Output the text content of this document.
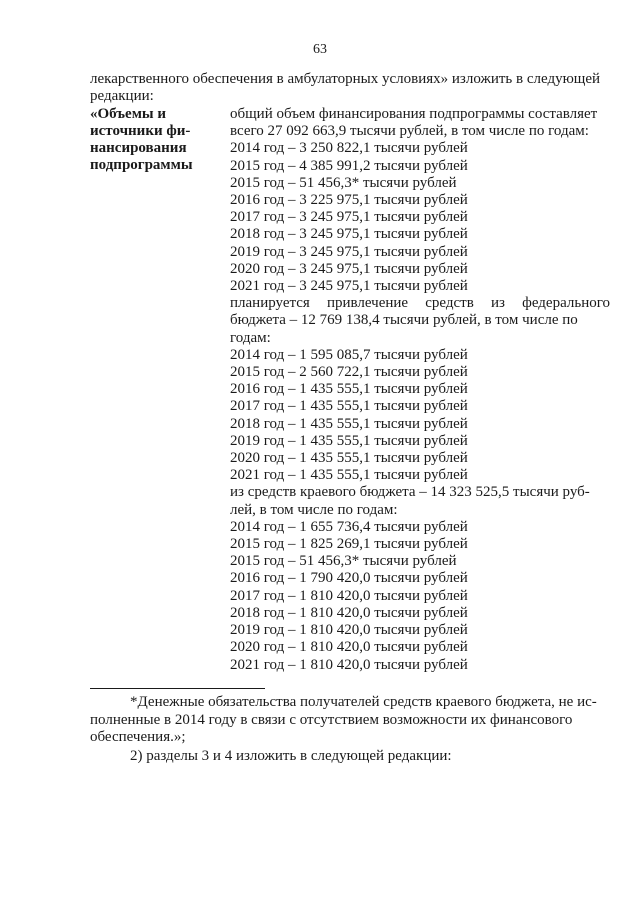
63
лекарственного обеспечения в амбулаторных условиях» изложить в следующей
редакции:
«Объемы и
источники фи-
нансирования
подпрограммы
общий объем финансирования подпрограммы составляет
всего 27 092 663,9 тысячи рублей, в том числе по годам:
2014 год – 3 250 822,1 тысячи рублей
2015 год – 4 385 991,2 тысячи рублей
2015 год – 51 456,3* тысячи рублей
2016 год – 3 225 975,1 тысячи рублей
2017 год – 3 245 975,1 тысячи рублей
2018 год – 3 245 975,1 тысячи рублей
2019 год – 3 245 975,1 тысячи рублей
2020 год – 3 245 975,1 тысячи рублей
2021 год – 3 245 975,1 тысячи рублей
планируется привлечение средств из федерального
бюджета – 12 769 138,4 тысячи рублей, в том числе по
годам:
2014 год – 1 595 085,7 тысячи рублей
2015 год – 2 560 722,1 тысячи рублей
2016 год – 1 435 555,1 тысячи рублей
2017 год – 1 435 555,1 тысячи рублей
2018 год – 1 435 555,1 тысячи рублей
2019 год – 1 435 555,1 тысячи рублей
2020 год – 1 435 555,1 тысячи рублей
2021 год – 1 435 555,1 тысячи рублей
из средств краевого бюджета – 14 323 525,5 тысячи руб-
лей, в том числе по годам:
2014 год – 1 655 736,4 тысячи рублей
2015 год – 1 825 269,1 тысячи рублей
2015 год – 51 456,3* тысячи рублей
2016 год – 1 790 420,0 тысячи рублей
2017 год – 1 810 420,0 тысячи рублей
2018 год – 1 810 420,0 тысячи рублей
2019 год – 1 810 420,0 тысячи рублей
2020 год – 1 810 420,0 тысячи рублей
2021 год – 1 810 420,0 тысячи рублей
*Денежные обязательства получателей средств краевого бюджета, не ис-
полненные в 2014 году в связи с отсутствием возможности их финансового
обеспечения.»;
2) разделы 3 и 4 изложить в следующей редакции:
